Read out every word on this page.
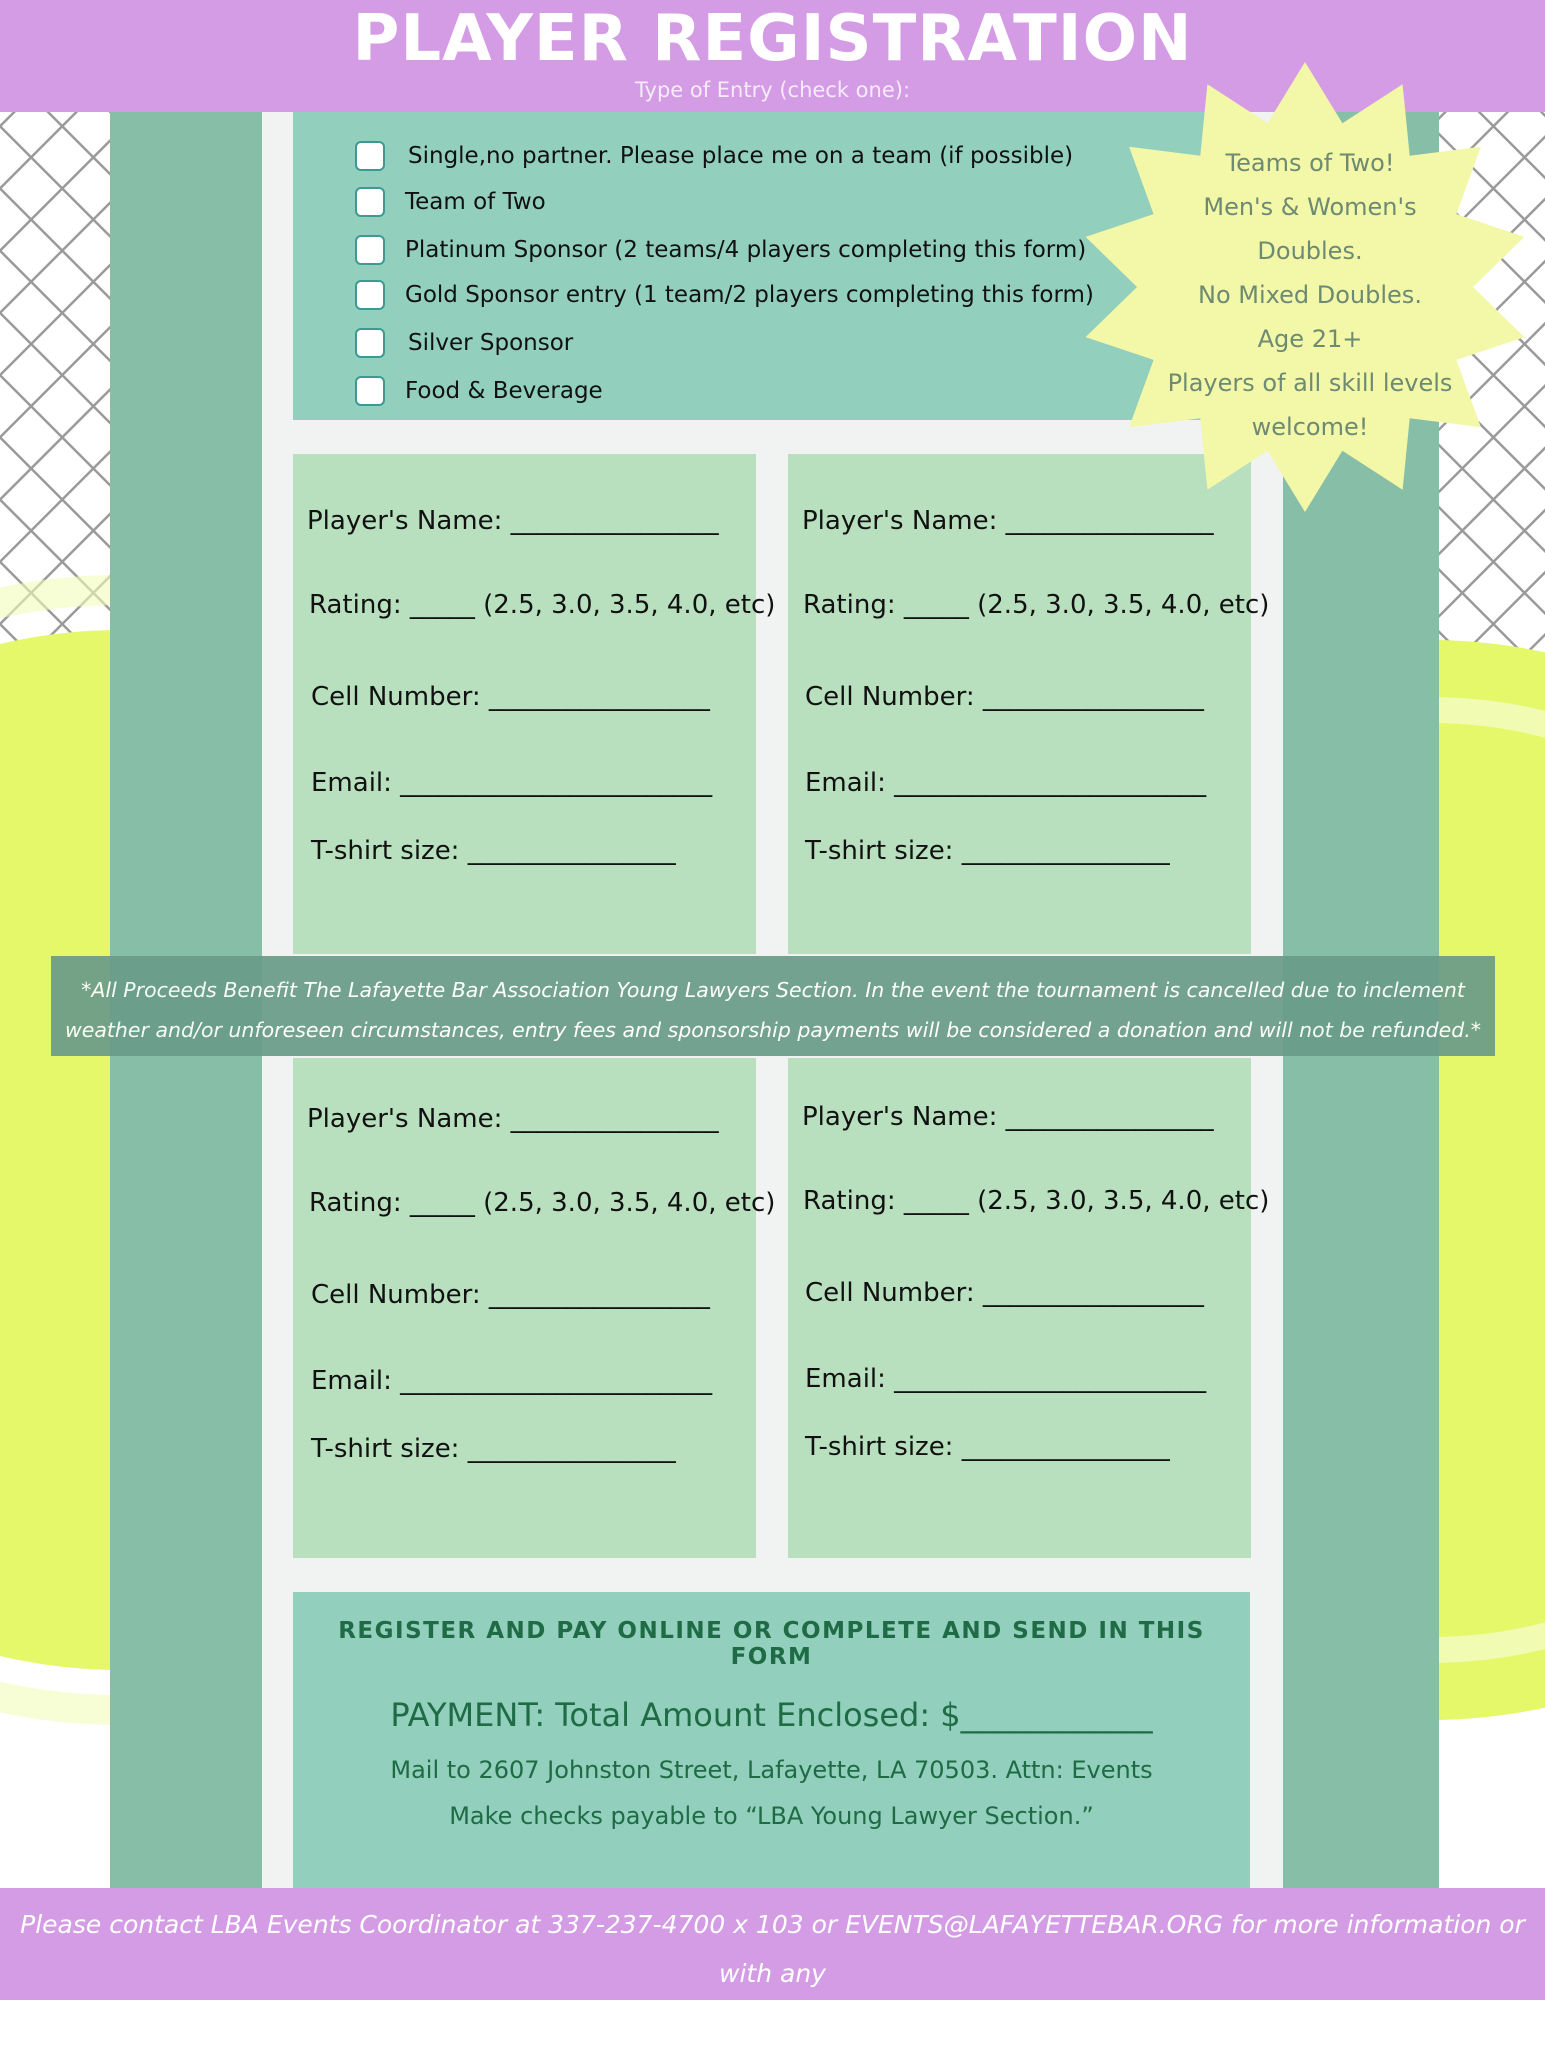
PLAYER REGISTRATION
Type of Entry (check one):
Single,no partner. Please place me on a team (if possible)
Team of Two
Platinum Sponsor (2 teams/4 players completing this form)
Gold Sponsor entry (1 team/2 players completing this form)
Silver Sponsor
Food & Beverage
Player's Name: ________________
Rating: _____ (2.5, 3.0, 3.5, 4.0, etc)
Cell Number: _________________
Email: ________________________
T-shirt size: ________________
Player's Name: ________________
Rating: _____ (2.5, 3.0, 3.5, 4.0, etc)
Cell Number: _________________
Email: ________________________
T-shirt size: ________________
Player's Name: ________________
Rating: _____ (2.5, 3.0, 3.5, 4.0, etc)
Cell Number: _________________
Email: ________________________
T-shirt size: ________________
Player's Name: ________________
Rating: _____ (2.5, 3.0, 3.5, 4.0, etc)
Cell Number: _________________
Email: ________________________
T-shirt size: ________________
*All Proceeds Benefit The Lafayette Bar Association Young Lawyers Section. In the event the tournament is cancelled due to inclement
weather and/or unforeseen circumstances, entry fees and sponsorship payments will be considered a donation and will not be refunded.*
REGISTER AND PAY ONLINE OR COMPLETE AND SEND IN THIS FORM
PAYMENT: Total Amount Enclosed: $____________
Mail to 2607 Johnston Street, Lafayette, LA 70503. Attn: Events
Make checks payable to “LBA Young Lawyer Section.”
Teams of Two!
Men's & Women's
Doubles.
No Mixed Doubles.
Age 21+
Players of all skill levels
welcome!
Please contact LBA Events Coordinator at 337-237-4700 x 103 or EVENTS@LAFAYETTEBAR.ORG for more information or with any
questions. Sponsors email your logo to LBA Marketing Director at MARKETING@LAFAYETTEBAR.ORG
